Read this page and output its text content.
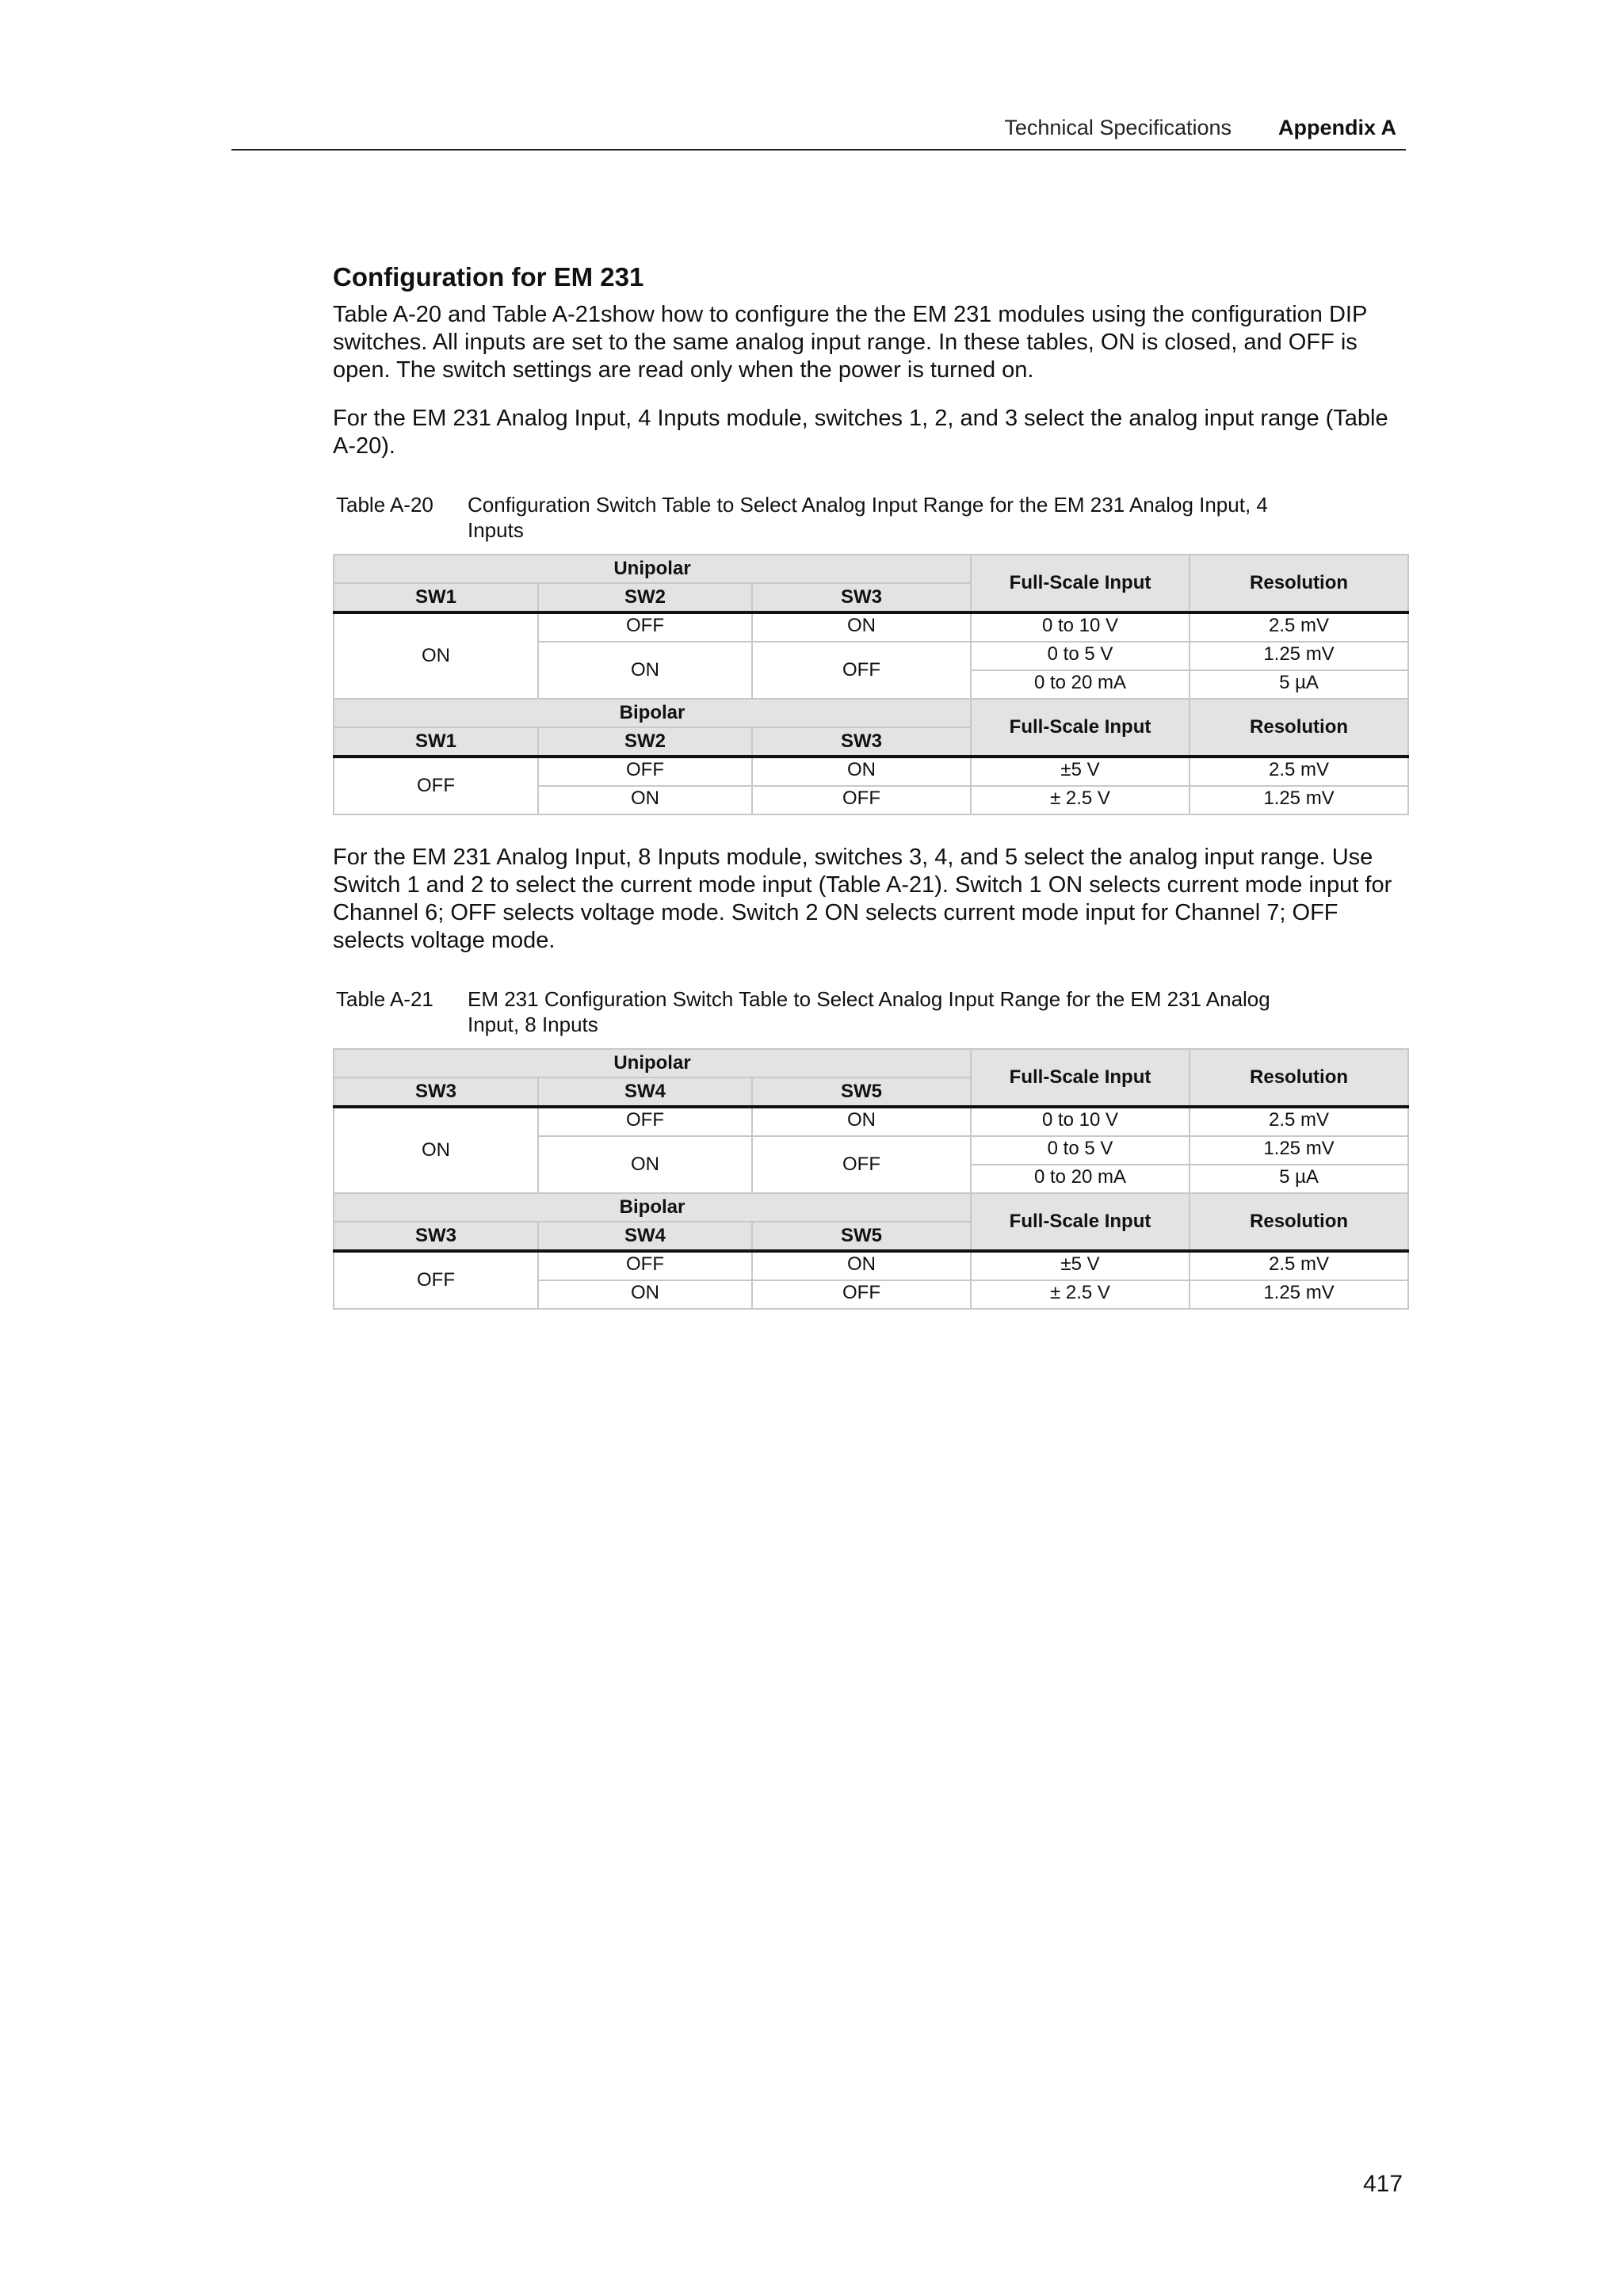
Technical Specifications Appendix A
Configuration for EM 231

Table A-20 and Table A-21show how to configure the the EM 231 modules using the configuration DIP switches. All inputs are set to the same analog input range. In these tables, ON is closed, and OFF is open. The switch settings are read only when the power is turned on.

For the EM 231 Analog Input, 4 Inputs module, switches 1, 2, and 3 select the analog input range (Table A-20).

Table A-20	Configuration Switch Table to Select Analog Input Range for the EM 231 Analog Input, 4 Inputs
Unipolar			Full-Scale Input	Resolution
SW1	SW2	SW3		
ON	OFF	ON	0 to 10 V	2.5 mV
	ON	OFF	0 to 5 V	1.25 mV
			0 to 20 mA	5 µA
Bipolar			Full-Scale Input	Resolution
SW1	SW2	SW3		
OFF	OFF	ON	±5 V	2.5 mV
	ON	OFF	± 2.5 V	1.25 mV

For the EM 231 Analog Input, 8 Inputs module, switches 3, 4, and 5 select the analog input range. Use Switch 1 and 2 to select the current mode input (Table A-21). Switch 1 ON selects current mode input for Channel 6; OFF selects voltage mode. Switch 2 ON selects current mode input for Channel 7; OFF selects voltage mode.

Table A-21	EM 231 Configuration Switch Table to Select Analog Input Range for the EM 231 Analog Input, 8 Inputs
Unipolar			Full-Scale Input	Resolution
SW3	SW4	SW5		
ON	OFF	ON	0 to 10 V	2.5 mV
	ON	OFF	0 to 5 V	1.25 mV
			0 to 20 mA	5 µA
Bipolar			Full-Scale Input	Resolution
SW3	SW4	SW5		
OFF	OFF	ON	±5 V	2.5 mV
	ON	OFF	± 2.5 V	1.25 mV
417
